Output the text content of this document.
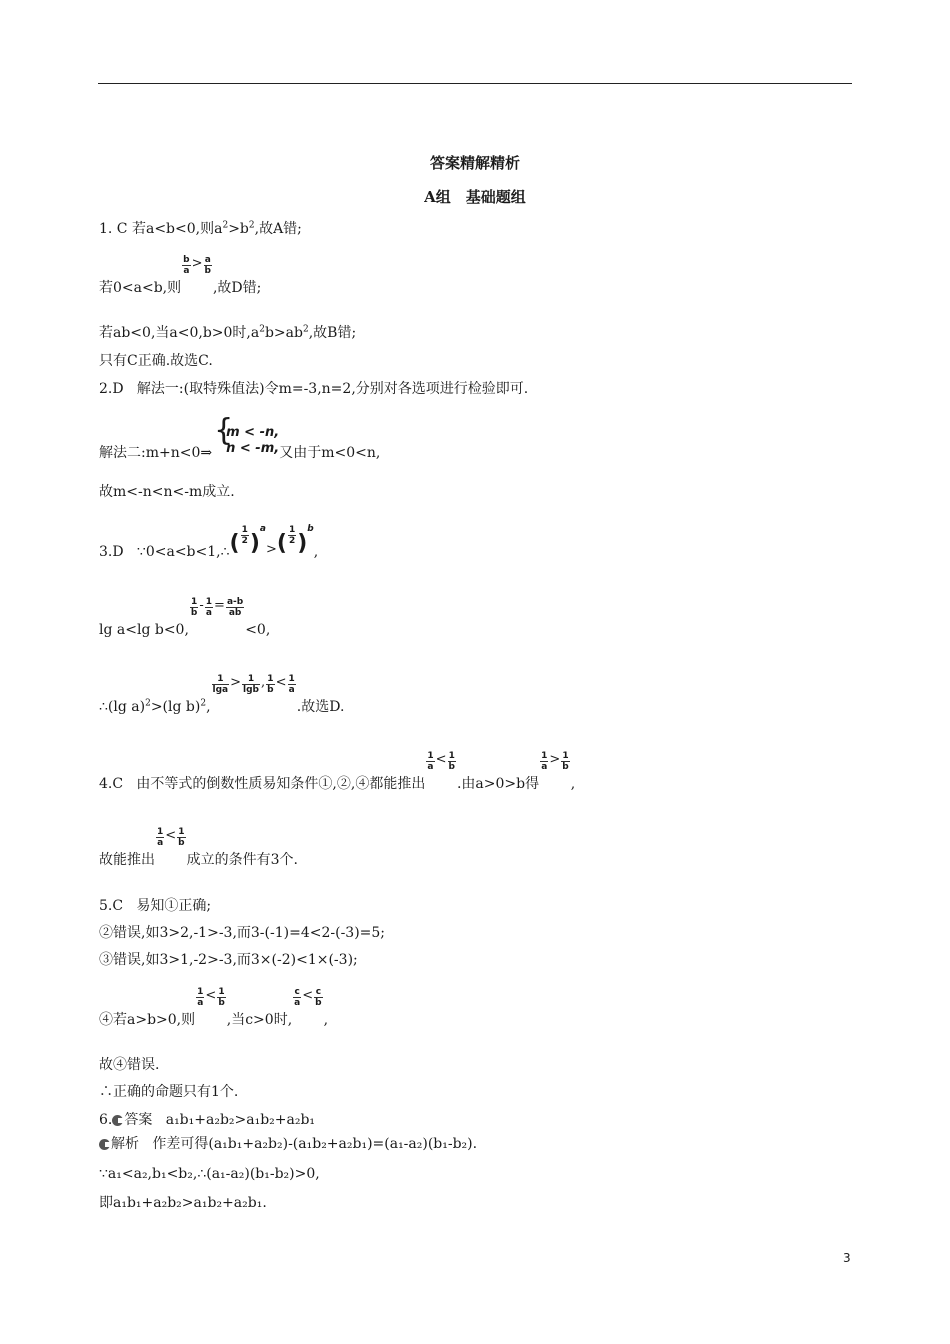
答案精解精析
A组　基础题组
1. C 若a<b<0,则$a^2>b^2$,故A错;
若0<a<b,则
$\frac{b}{a} > \frac{a}{b}$
,故D错;
若ab<0,当a<0,b>0时$,a^2b>ab^2$,故B错;
只有C正确.故选C.
2.D   解法一:(取特殊值法)令m=-3,n=2,分别对各选项进行检验即可.
解法二:m+n<0⇒
{
m < -n,
n < -m, 又由于m<0<n,
故m<-n<n<-m成立.
3.D   ∵0<a<b<1,∴( $\frac{1}{2} )^a>( \frac{1}{2} )^b$,
lg a<lg b<0,
$\frac{1}{b} - \frac{1}{a} = \frac{a-b}{ab}$
<0,
∴(lg a)$^2$>(lg b)$^2$,
$\frac{1}{\lg a} > \frac{1}{\lg b}$ , $\frac{1}{b} < \frac{1}{a}$
.故选D.
4.C   由不等式的倒数性质易知条件①,②,④都能推出
$\frac{1}{a} < \frac{1}{b}$
.由a>0>b得
$\frac{1}{a} > \frac{1}{b}$
,
故能推出
$\frac{1}{a} < \frac{1}{b}$
成立的条件有3个.
5.C   易知①正确;
②错误,如3>2,-1>-3,而3-(-1)=4<2-(-3)=5;
③错误,如3>1,-2>-3,而3×(-2)<1×(-3);
④若a>b>0,则
$\frac{1}{a} < \frac{1}{b}$
,当c>0时,
$\frac{c}{a} < \frac{c}{b}$
,
故④错误.
∴正确的命题只有1个.
6. 答案 a₁b₁+a₂b₂>a₁b₂+a₂b₁
解析 作差可得(a₁b₁+a₂b₂)-(a₁b₂+a₂b₁)=(a₁-a₂)(b₁-b₂).
∵a₁<a₂,b₁<b₂,∴(a₁-a₂)(b₁-b₂)>0,
即a₁b₁+a₂b₂>a₁b₂+a₂b₁.
3
